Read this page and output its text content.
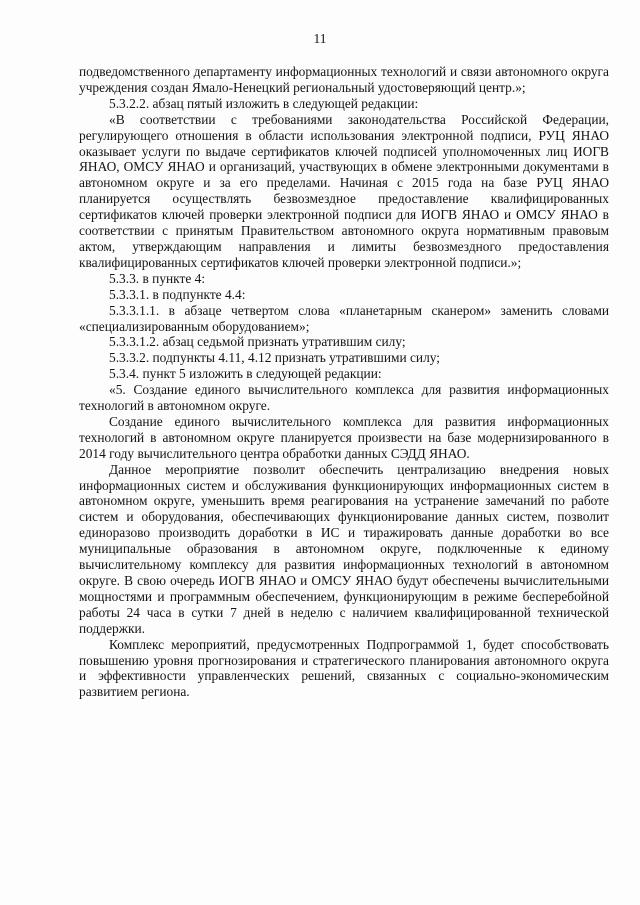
11

подведомственного департаменту информационных технологий и связи автономного округа учреждения создан Ямало-Ненецкий региональный удостоверяющий центр.»;

5.3.2.2. абзац пятый изложить в следующей редакции:

«В соответствии с требованиями законодательства Российской Федерации, регулирующего отношения в области использования электронной подписи, РУЦ ЯНАО оказывает услуги по выдаче сертификатов ключей подписей уполномоченных лиц ИОГВ ЯНАО, ОМСУ ЯНАО и организаций, участвующих в обмене электронными документами в автономном округе и за его пределами. Начиная с 2015 года на базе РУЦ ЯНАО планируется осуществлять безвозмездное предоставление квалифицированных сертификатов ключей проверки электронной подписи для ИОГВ ЯНАО и ОМСУ ЯНАО в соответствии с принятым Правительством автономного округа нормативным правовым актом, утверждающим направления и лимиты безвозмездного предоставления квалифицированных сертификатов ключей проверки электронной подписи.»;

5.3.3. в пункте 4:

5.3.3.1. в подпункте 4.4:

5.3.3.1.1. в абзаце четвертом слова «планетарным сканером» заменить словами «специализированным оборудованием»;

5.3.3.1.2. абзац седьмой признать утратившим силу;

5.3.3.2. подпункты 4.11, 4.12 признать утратившими силу;

5.3.4. пункт 5 изложить в следующей редакции:

«5. Создание единого вычислительного комплекса для развития информационных технологий в автономном округе.

Создание единого вычислительного комплекса для развития информационных технологий в автономном округе планируется произвести на базе модернизированного в 2014 году вычислительного центра обработки данных СЭДД ЯНАО.

Данное мероприятие позволит обеспечить централизацию внедрения новых информационных систем и обслуживания функционирующих информационных систем в автономном округе, уменьшить время реагирования на устранение замечаний по работе систем и оборудования, обеспечивающих функционирование данных систем, позволит единоразово производить доработки в ИС и тиражировать данные доработки во все муниципальные образования в автономном округе, подключенные к единому вычислительному комплексу для развития информационных технологий в автономном округе. В свою очередь ИОГВ ЯНАО и ОМСУ ЯНАО будут обеспечены вычислительными мощностями и программным обеспечением, функционирующим в режиме бесперебойной работы 24 часа в сутки 7 дней в неделю с наличием квалифицированной технической поддержки.

Комплекс мероприятий, предусмотренных Подпрограммой 1, будет способствовать повышению уровня прогнозирования и стратегического планирования автономного округа и эффективности управленческих решений, связанных с социально-экономическим развитием региона.
